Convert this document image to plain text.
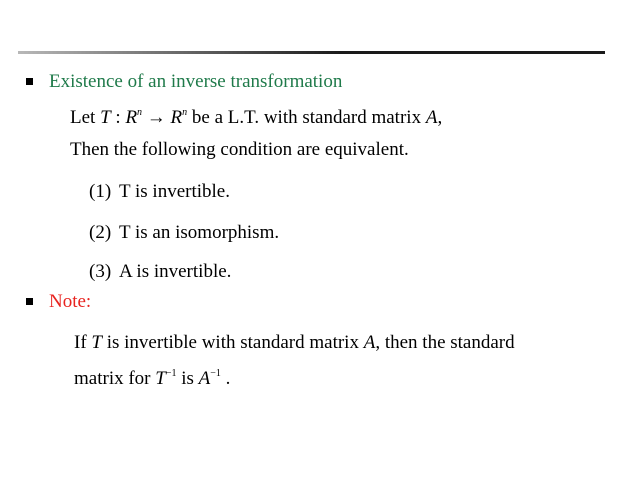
Existence of an inverse transformation
Let T : $R^n \to R^n$ be a L.T. with standard matrix A,
Then the following condition are equivalent.
(1) T is invertible.
(2) T is an isomorphism.
(3) A is invertible.
Note:
If T is invertible with standard matrix A, then the standard
matrix for $T^{-1}$ is $A^{-1}$ .
